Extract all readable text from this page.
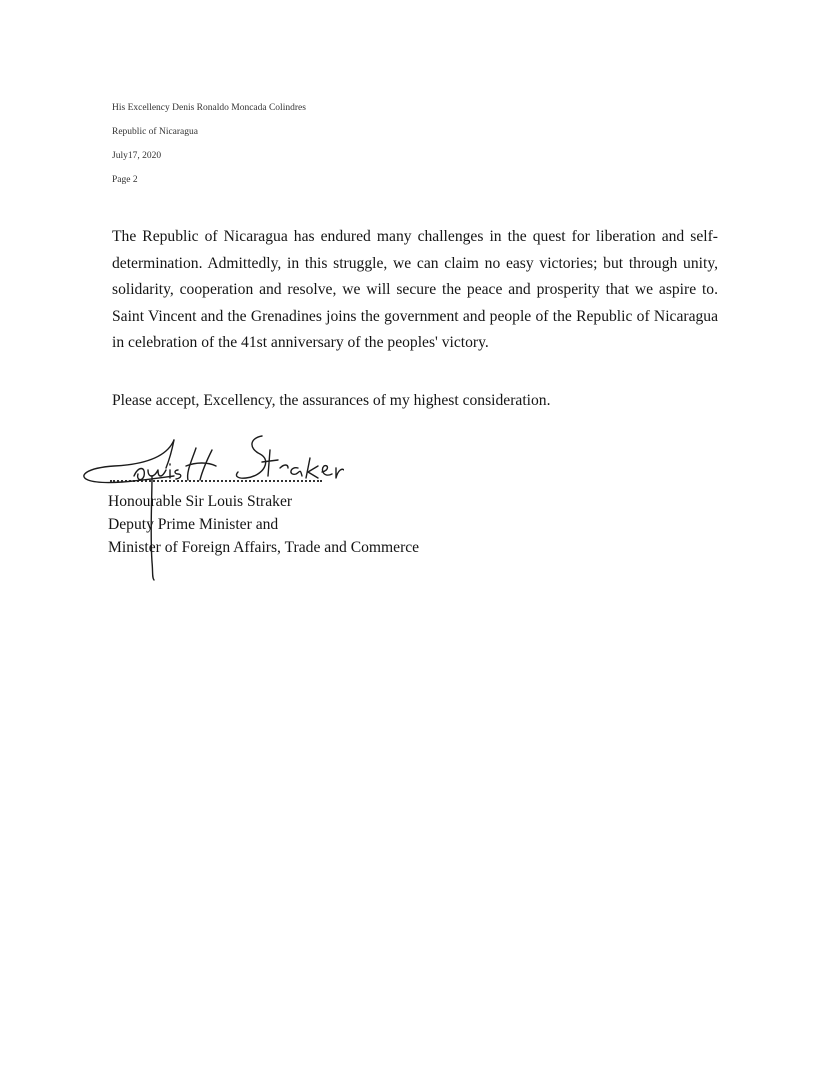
His Excellency Denis Ronaldo Moncada Colindres
Republic of Nicaragua
July17, 2020
Page 2
The Republic of Nicaragua has endured many challenges in the quest for liberation and self-determination. Admittedly, in this struggle, we can claim no easy victories; but through unity, solidarity, cooperation and resolve, we will secure the peace and prosperity that we aspire to. Saint Vincent and the Grenadines joins the government and people of the Republic of Nicaragua in celebration of the 41st anniversary of the peoples' victory.
Please accept, Excellency, the assurances of my highest consideration.
Honourable Sir Louis Straker
Deputy Prime Minister and
Minister of Foreign Affairs, Trade and Commerce
